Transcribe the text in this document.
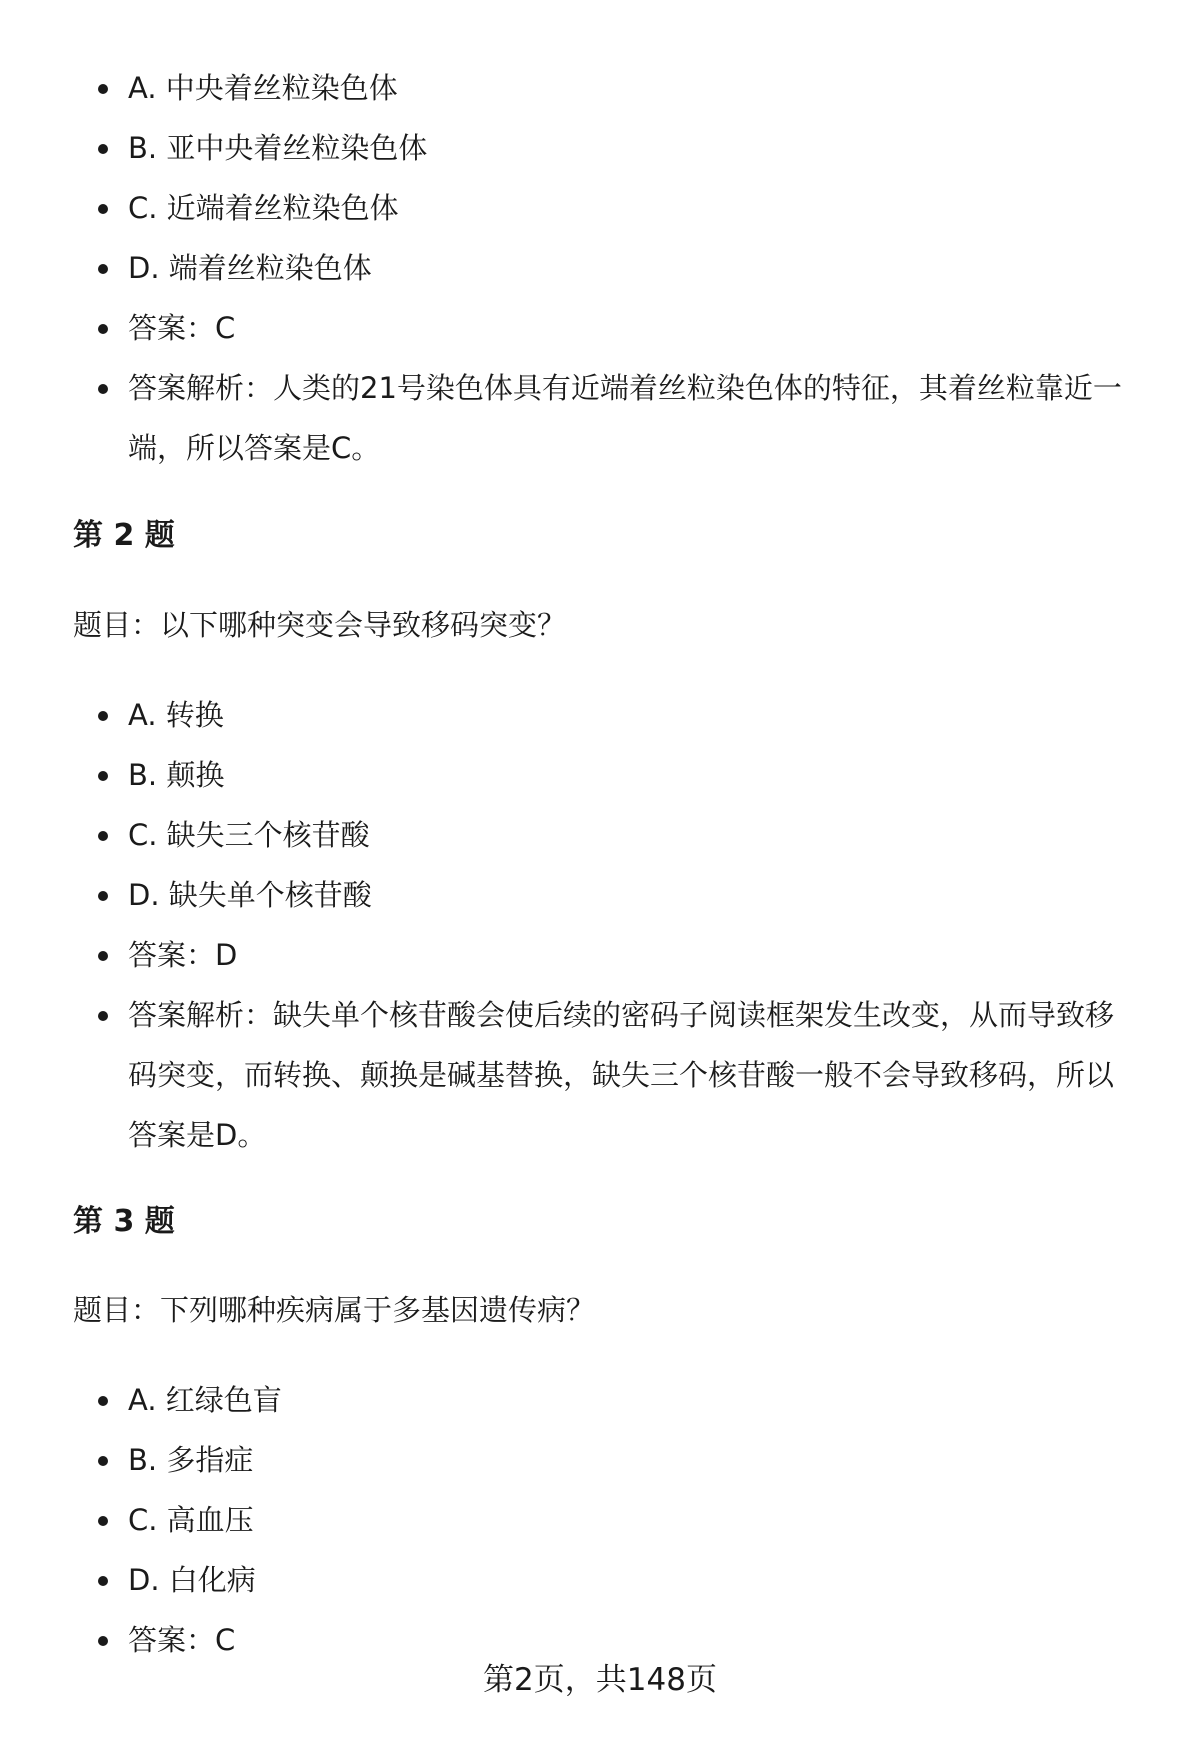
A. 中央着丝粒染色体
B. 亚中央着丝粒染色体
C. 近端着丝粒染色体
D. 端着丝粒染色体
答案：C
答案解析：人类的21号染色体具有近端着丝粒染色体的特征，其着丝粒靠近一端，所以答案是C。
第 2 题
题目：以下哪种突变会导致移码突变？
A. 转换
B. 颠换
C. 缺失三个核苷酸
D. 缺失单个核苷酸
答案：D
答案解析：缺失单个核苷酸会使后续的密码子阅读框架发生改变，从而导致移码突变，而转换、颠换是碱基替换，缺失三个核苷酸一般不会导致移码，所以答案是D。
第 3 题
题目：下列哪种疾病属于多基因遗传病？
A. 红绿色盲
B. 多指症
C. 高血压
D. 白化病
答案：C
第2页，共148页
